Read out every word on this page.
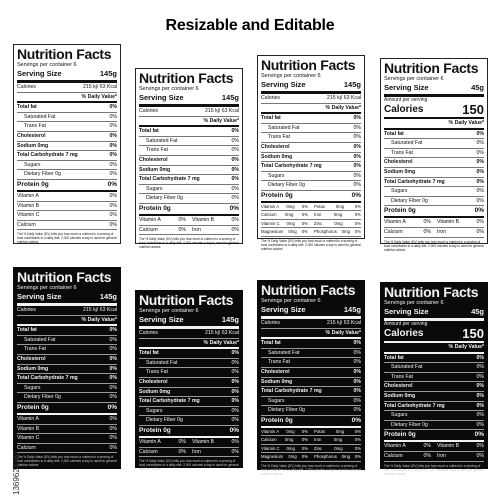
Resizable and Editable
Nutrition Facts
Servings per container 6
Serving Size	145g
Calories	215 kj/ 63 Kcal
% Daily Value*
Total fat	0%
Saturated Fat	0%
Trans Fat	0%
Cholesterol	0%
Sodium 0mg	0%
Total Carbohydrate 7 mg	0%
Sugars	0%
Dietary Fiber 0g	0%
Protein 0g	0%
Vitamin A	0%
Vitamin B	0%
Vitamin C	0%
Calcium	0%
The % Daily Value (DV) tells you how much a nutrient in a serving of food contributes to a daily diet. 2,000 calories a day is used for general nutrition advice.
Nutrition Facts
Servings per container 6
Serving Size	145g
Calories	215 kj/ 63 Kcal
% Daily Value*
Total fat	0%
Saturated Fat	0%
Trans Fat	0%
Cholesterol	0%
Sodium 0mg	0%
Total Carbohydrate 7 mg	0%
Sugars	0%
Dietary Fiber 0g	0%
Protein 0g	0%
Vitamin A	0% Vitamin B	0%
Calcium	0% Iron	0%
The % Daily Value (DV) tells you how much a nutrient in a serving of food contributes to a daily diet. 2,000 calories a day is used for general nutrition advice.
Nutrition Facts
Servings per container 6
Serving Size	145g
Calories	215 kj/ 63 Kcal
% Daily Value*
Total fat	0%
Saturated Fat	0%
Trans Fat	0%
Cholesterol	0%
Sodium 0mg	0%
Total Carbohydrate 7 mg	0%
Sugars	0%
Dietary Fiber 0g	0%
Protein 0g	0%
Vitamin A 0mg 0% Potas 0mg 0%
Calcium 0mg 0% Iron	0mg	0%
Vitamin C 0mg 0% Zinc	0mg	0%
Magnesium 0mg 0% Phosphorus 0mg 0%
The % Daily Value (DV) tells you how much a nutrient in a serving of food contributes to a daily diet. 2,000 calories a day is used for general nutrition advice.
Nutrition Facts
Servings per container 6
Serving Size	45g
Amount per serving
Calories	150
% Daily Value*
Total fat	0%
Saturated Fat	0%
Trans Fat	0%
Cholesterol	0%
Sodium 0mg	0%
Total Carbohydrate 7 mg	0%
Sugars	0%
Dietary Fiber 0g	0%
Protein 0g	0%
Vitamin A	0% Vitamin B	0%
Calcium	0% Iron	0%
The % Daily Value (DV) tells you how much a nutrient in a serving of food contributes to a daily diet. 2,000 calories a day is used for general nutrition advice.
Nutrition Facts
Servings per container 6
Serving Size	145g
Calories	215 kj/ 63 Kcal
% Daily Value*
Total fat	0%
Saturated Fat	0%
Trans Fat	0%
Cholesterol	0%
Sodium 0mg	0%
Total Carbohydrate 7 mg	0%
Sugars	0%
Dietary Fiber 0g	0%
Protein 0g	0%
Vitamin A	0%
Vitamin B	0%
Vitamin C	0%
Calcium	0%
The % Daily Value (DV) tells you how much a nutrient in a serving of food contributes to a daily diet. 2,000 calories a day is used for general nutrition advice.
Nutrition Facts
Servings per container 6
Serving Size	145g
Calories	215 kj/ 63 Kcal
% Daily Value*
Total fat	0%
Saturated Fat	0%
Trans Fat	0%
Cholesterol	0%
Sodium 0mg	0%
Total Carbohydrate 7 mg	0%
Sugars	0%
Dietary Fiber 0g	0%
Protein 0g	0%
Vitamin A	0% Vitamin B	0%
Calcium	0% Iron	0%
The % Daily Value (DV) tells you how much a nutrient in a serving of food contributes to a daily diet. 2,000 calories a day is used for general nutrition advice.
Nutrition Facts
Servings per container 6
Serving Size	145g
Calories	215 kj/ 63 Kcal
% Daily Value*
Total fat	0%
Saturated Fat	0%
Trans Fat	0%
Cholesterol	0%
Sodium 0mg	0%
Total Carbohydrate 7 mg	0%
Sugars	0%
Dietary Fiber 0g	0%
Protein 0g	0%
Vitamin A 0mg 0% Potas 0mg 0%
Calcium 0mg 0% Iron	0mg	0%
Vitamin C 0mg 0% Zinc	0mg	0%
Magnesium 0mg 0% Phosphorus 0mg 0%
The % Daily Value (DV) tells you how much a nutrient in a serving of food contributes to a daily diet. 2,000 calories a day is used for general nutrition advice.
Nutrition Facts
Servings per container 6
Serving Size	45g
Amount per serving
Calories	150
% Daily Value*
Total fat	0%
Saturated Fat	0%
Trans Fat	0%
Cholesterol	0%
Sodium 0mg	0%
Total Carbohydrate 7 mg	0%
Sugars	0%
Dietary Fiber 0g	0%
Protein 0g	0%
Vitamin A	0% Vitamin B	0%
Calcium	0% Iron	0%
The % Daily Value (DV) tells you how much a nutrient in a serving of food contributes to a daily diet. 2,000 calories a day is used for general nutrition advice.
1369624367
